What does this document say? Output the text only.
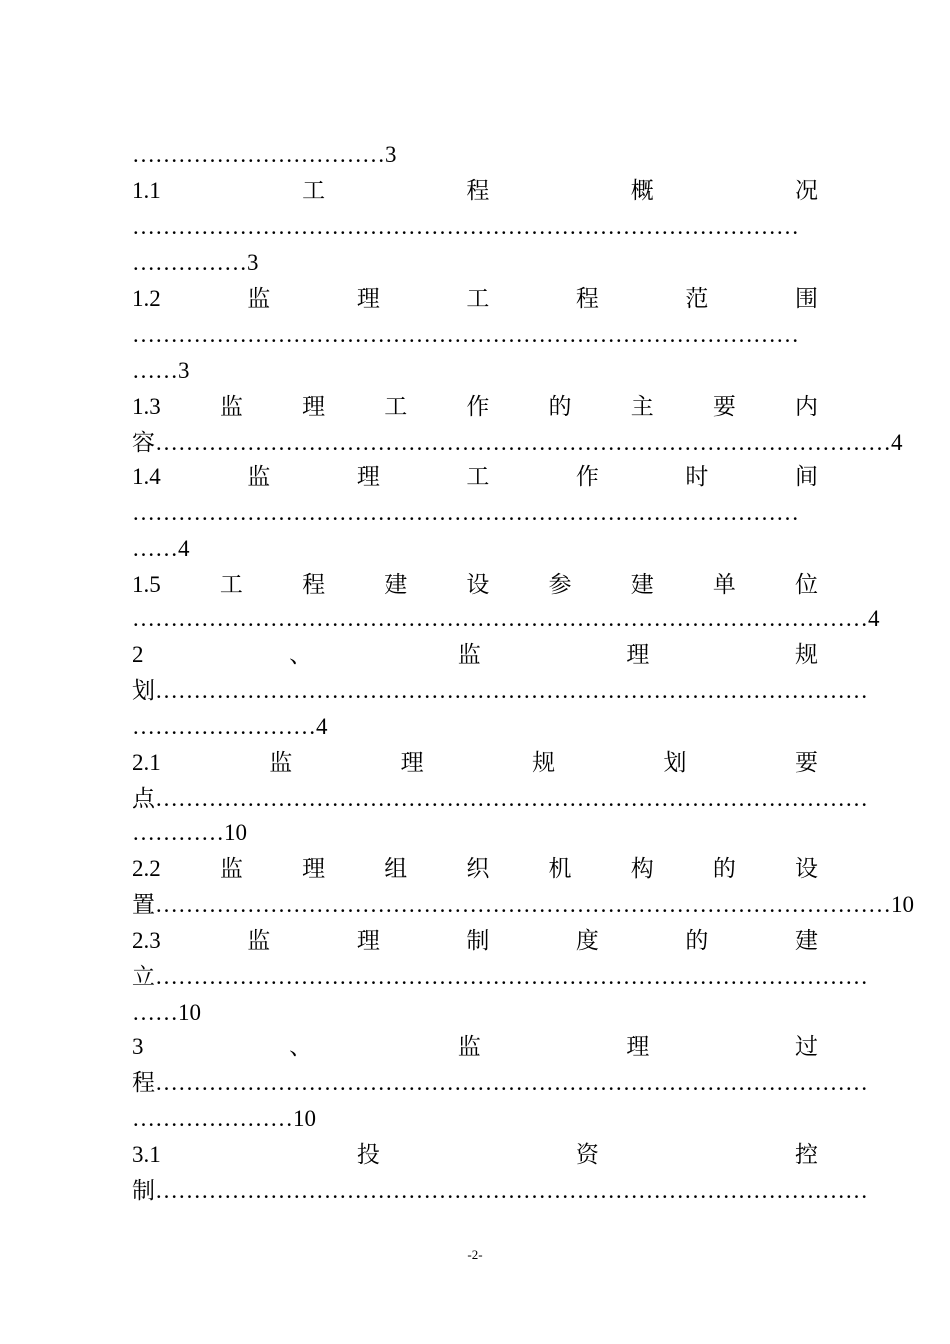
……………………………3
1.1	工	程	概	况
……………………………………………………………………………
……………3
1.2	监	理	工	程	范	围
……………………………………………………………………………
……3
1.3	监	理	工	作	的	主	要	内
容 …………………………………………………………………………………… 4
1.4	监	理	工	作	时	间
……………………………………………………………………………
……4
1.5	工	程	建	设	参	建	单	位
…………………………………………………………………………………… 4
2	、	监	理	规
划 …………………………………………………………………………………
……………………4
2.1	监	理	规	划	要
点 …………………………………………………………………………………
…………10
2.2	监	理	组	织	机	构	的	设
置 …………………………………………………………………………………… 10
2.3	监	理	制	度	的	建
立 …………………………………………………………………………………
……10
3	、	监	理	过
程 …………………………………………………………………………………
…………………10
3.1	投	资	控
制 …………………………………………………………………………………
-2-
